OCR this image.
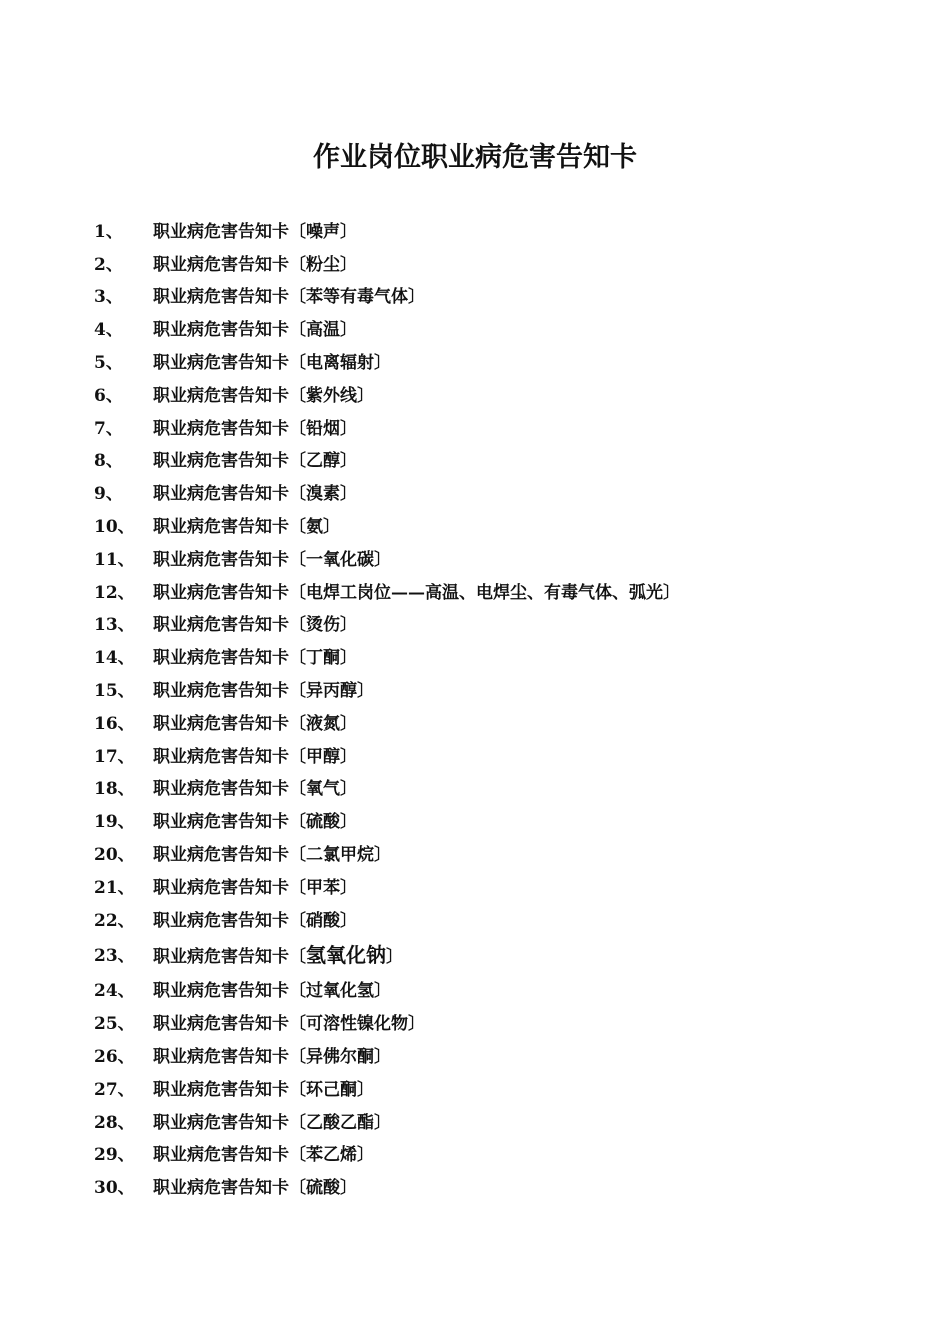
作业岗位职业病危害告知卡
1、	职业病危害告知卡〔噪声〕
2、	职业病危害告知卡〔粉尘〕
3、	职业病危害告知卡〔苯等有毒气体〕
4、	职业病危害告知卡〔高温〕
5、	职业病危害告知卡〔电离辐射〕
6、	职业病危害告知卡〔紫外线〕
7、	职业病危害告知卡〔铅烟〕
8、	职业病危害告知卡〔乙醇〕
9、	职业病危害告知卡〔溴素〕
10、	职业病危害告知卡〔氨〕
11、	职业病危害告知卡〔一氧化碳〕
12、	职业病危害告知卡〔电焊工岗位——高温、电焊尘、有毒气体、弧光〕
13、	职业病危害告知卡〔烫伤〕
14、	职业病危害告知卡〔丁酮〕
15、	职业病危害告知卡〔异丙醇〕
16、	职业病危害告知卡〔液氮〕
17、	职业病危害告知卡〔甲醇〕
18、	职业病危害告知卡〔氧气〕
19、	职业病危害告知卡〔硫酸〕
20、	职业病危害告知卡〔二氯甲烷〕
21、	职业病危害告知卡〔甲苯〕
22、	职业病危害告知卡〔硝酸〕
23、	职业病危害告知卡〔氢氧化钠〕
24、	职业病危害告知卡〔过氧化氢〕
25、	职业病危害告知卡〔可溶性镍化物〕
26、	职业病危害告知卡〔异佛尔酮〕
27、	职业病危害告知卡〔环己酮〕
28、	职业病危害告知卡〔乙酸乙酯〕
29、	职业病危害告知卡〔苯乙烯〕
30、	职业病危害告知卡〔硫酸〕
